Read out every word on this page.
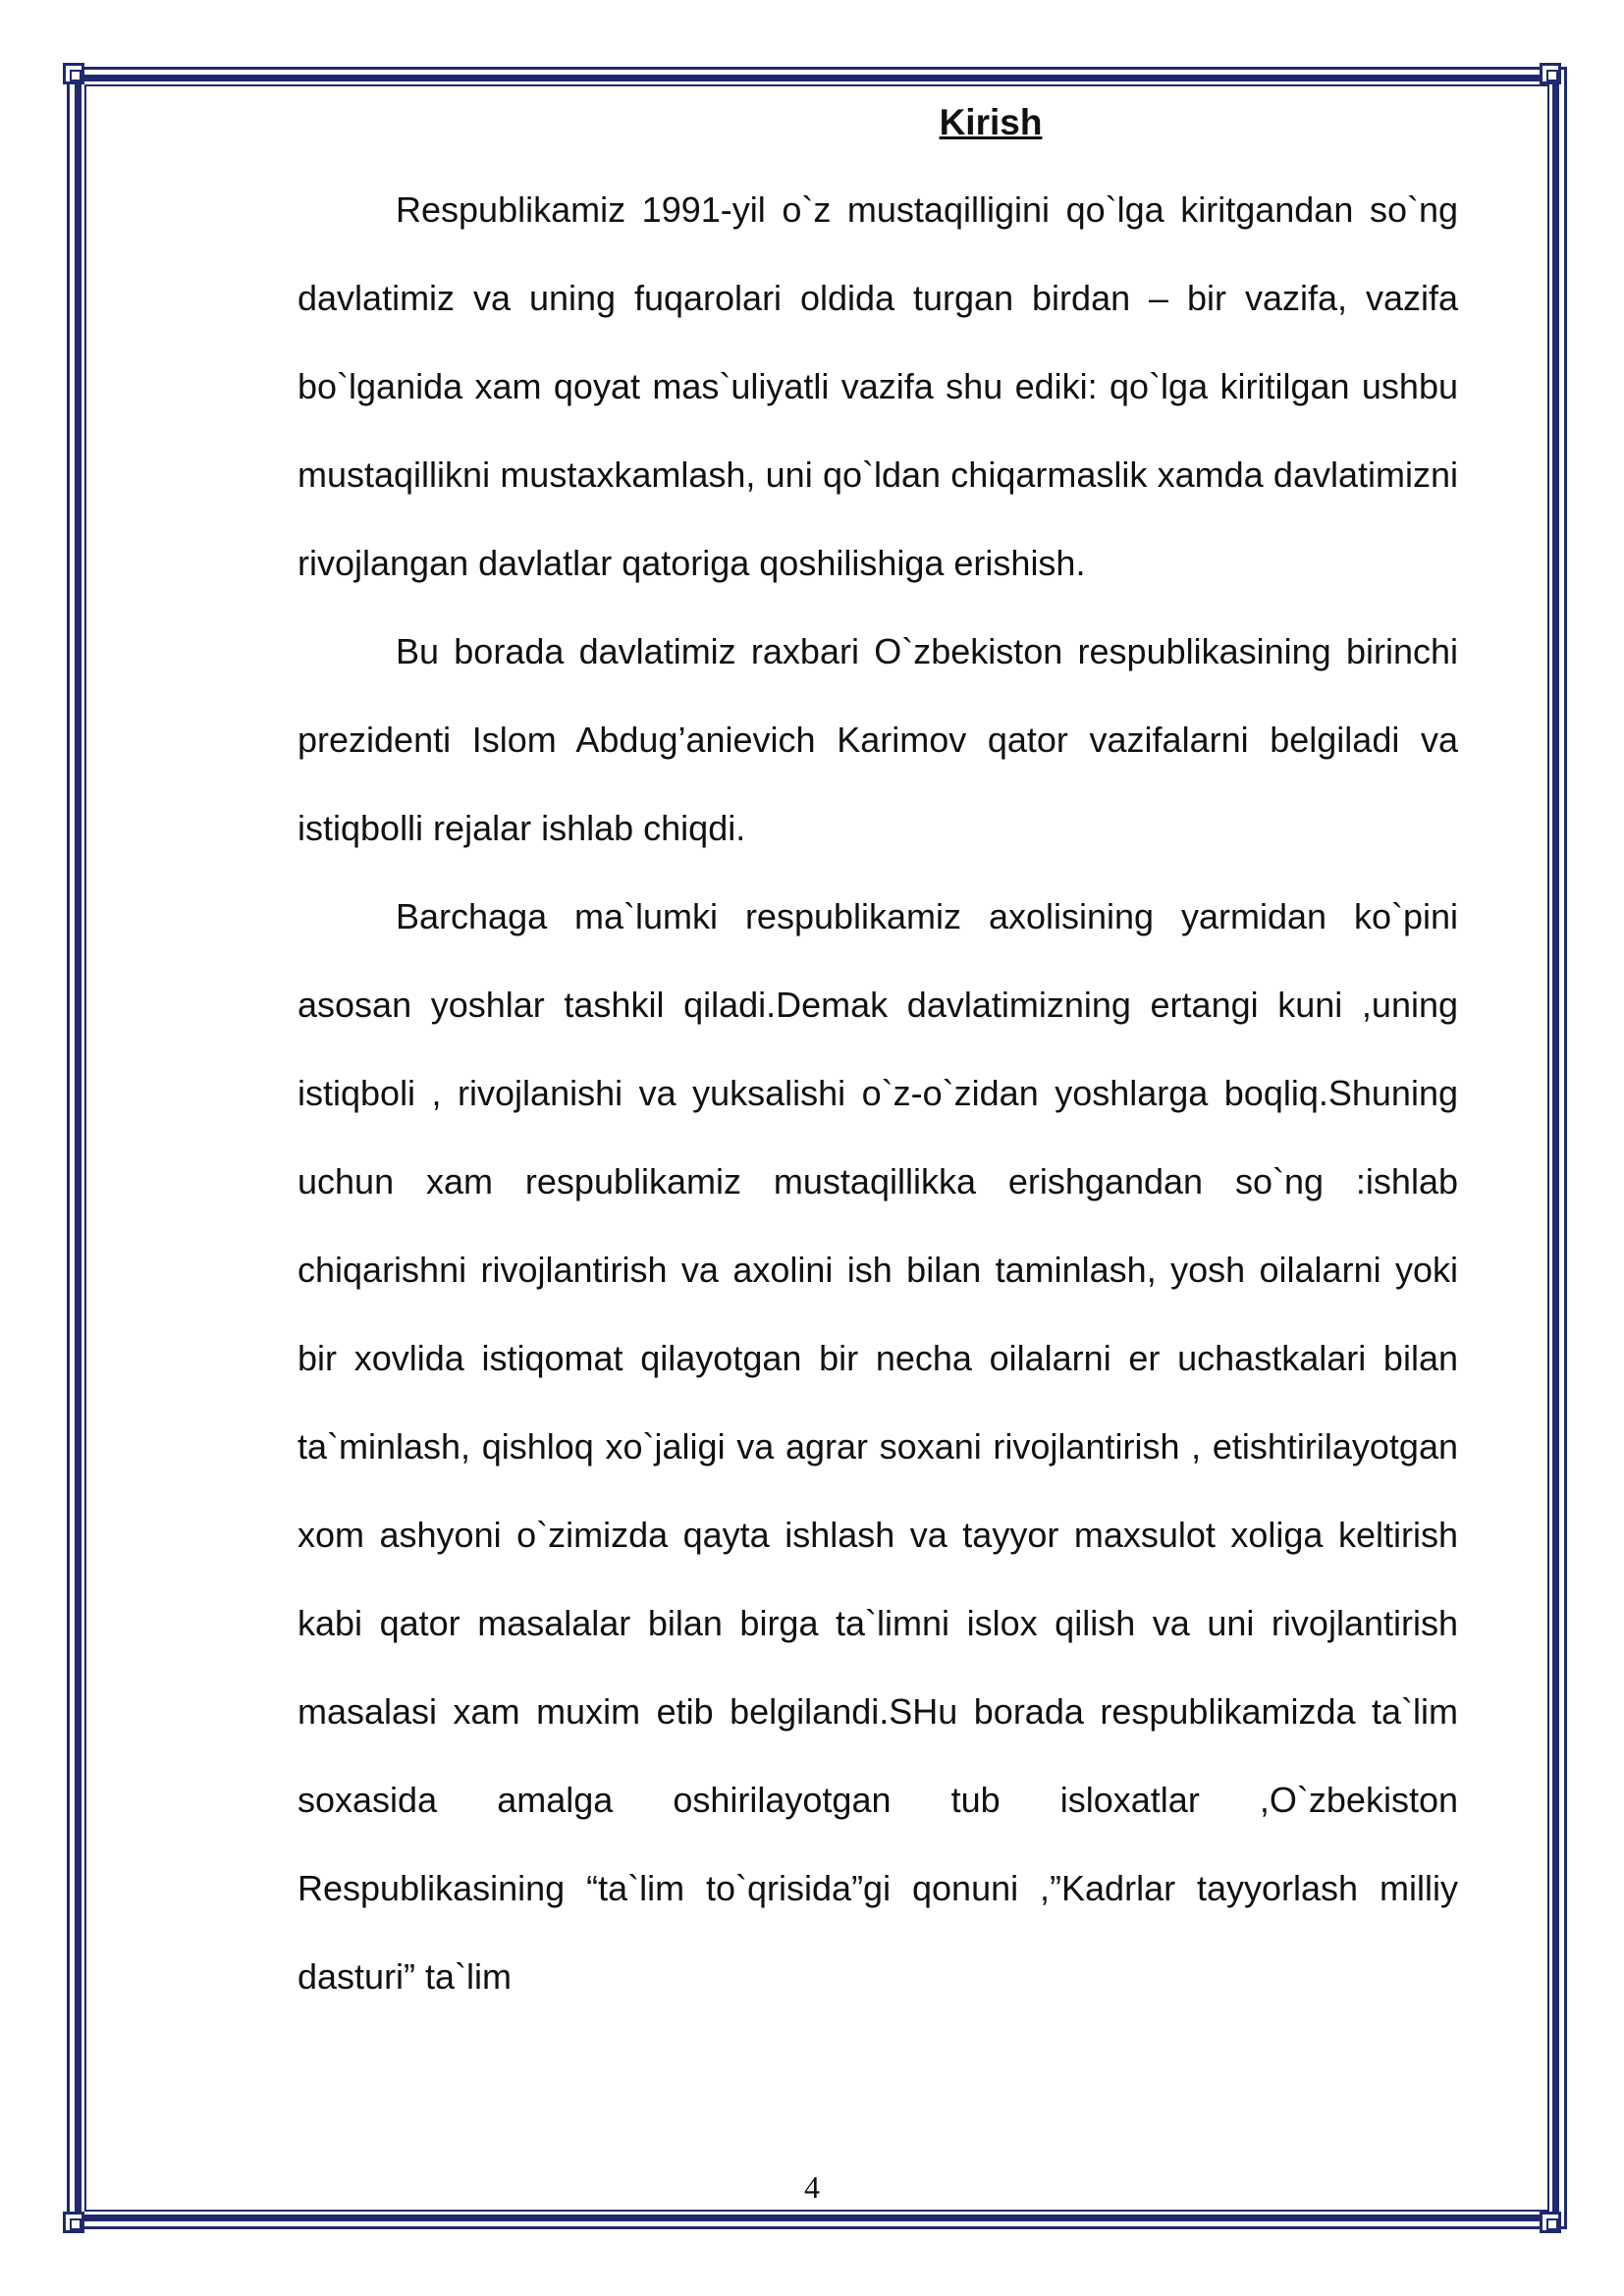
Kirish

Respublikamiz 1991-yil o`z mustaqilligini qo`lga kiritgandan so`ng davlatimiz va uning fuqarolari oldida turgan birdan – bir vazifa, vazifa bo`lganida xam qoyat mas`uliyatli vazifa shu ediki: qo`lga kiritilgan ushbu mustaqillikni mustaxkamlash, uni qo`ldan chiqarmaslik xamda davlatimizni rivojlangan davlatlar qatoriga qoshilishiga erishish.

Bu borada davlatimiz raxbari O`zbekiston respublikasining birinchi prezidenti Islom Abdug’anievich Karimov qator vazifalarni belgiladi va istiqbolli rejalar ishlab chiqdi.

Barchaga ma`lumki respublikamiz axolisining yarmidan ko`pini asosan yoshlar tashkil qiladi.Demak davlatimizning ertangi kuni ,uning istiqboli , rivojlanishi va yuksalishi o`z-o`zidan yoshlarga boqliq.Shuning uchun xam respublikamiz mustaqillikka erishgandan so`ng :ishlab chiqarishni rivojlantirish va axolini ish bilan taminlash, yosh oilalarni yoki bir xovlida istiqomat qilayotgan bir necha oilalarni er uchastkalari bilan ta`minlash, qishloq xo`jaligi va agrar soxani rivojlantirish , etishtirilayotgan xom ashyoni o`zimizda qayta ishlash va tayyor maxsulot xoliga keltirish kabi qator masalalar bilan birga ta`limni islox qilish va uni rivojlantirish masalasi xam muxim etib belgilandi.SHu borada respublikamizda ta`lim soxasida amalga oshirilayotgan tub isloxatlar ,O`zbekiston Respublikasining “ta`lim to`qrisida”gi qonuni ,”Kadrlar tayyorlash milliy dasturi” ta`lim

4
